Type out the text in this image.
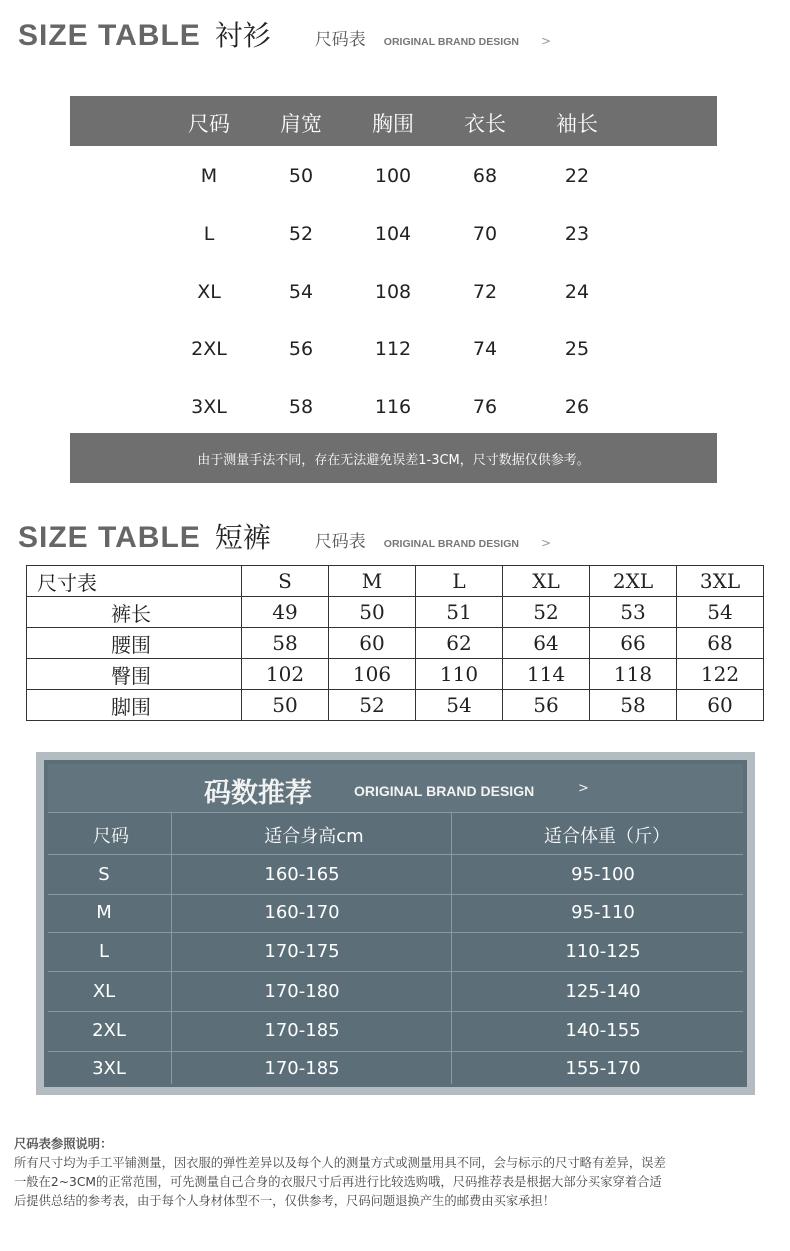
SIZE TABLE 衬衫	尺码表 ORIGINAL BRAND DESIGN >
尺码 肩宽 胸围 衣长 袖长
M	50	100	68	22
L	52	104	70	23
XL	54	108	72	24
2XL	56	112	74	25
3XL	58	116	76	26
由于测量手法不同，存在无法避免误差1-3CM，尺寸数据仅供参考。
SIZE TABLE 短裤	尺码表 ORIGINAL BRAND DESIGN >
尺寸表	S	M	L	XL	2XL	3XL
裤长	49	50	51	52	53	54
腰围	58	60	62	64	66	68
臀围	102	106	110	114	118	122
脚围	50	52	54	56	58	60
码数推荐	ORIGINAL BRAND DESIGN	>
尺码	适合身高cm	适合体重（斤）
S	160-165	95-100
M	160-170	95-110
L	170-175	110-125
XL	170-180	125-140
2XL	170-185	140-155
3XL	170-185	155-170
尺码表参照说明：
所有尺寸均为手工平铺测量，因衣服的弹性差异以及每个人的测量方式或测量用具不同，会与标示的尺寸略有差异，误差
一般在2~3CM的正常范围，可先测量自己合身的衣服尺寸后再进行比较选购哦，尺码推荐表是根据大部分买家穿着合适
后提供总结的参考表，由于每个人身材体型不一，仅供参考，尺码问题退换产生的邮费由买家承担！
